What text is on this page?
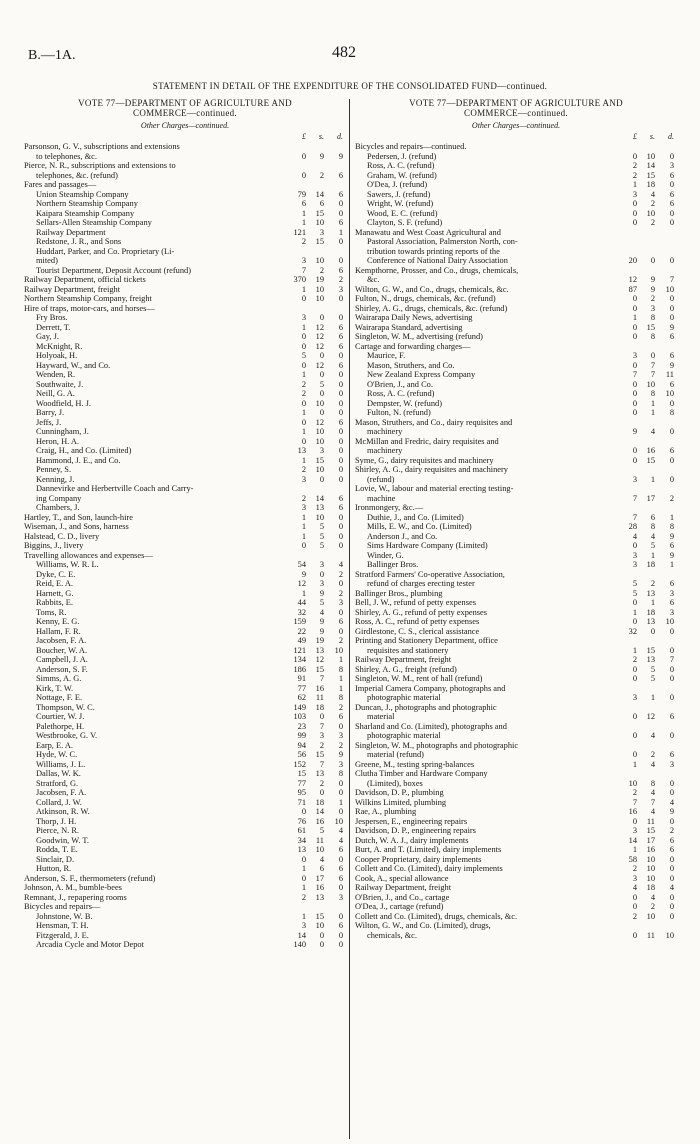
B.—1A.	482
STATEMENT IN DETAIL OF THE EXPENDITURE OF THE CONSOLIDATED FUND—continued.
VOTE 77—DEPARTMENT OF AGRICULTURE AND
COMMERCE—continued.
Other Charges—continued.
£	s.	d.
Parsonson, G. V., subscriptions and extensions
to telephones, &c.	0	9	9
Pierce, N. R., subscriptions and extensions to
telephones, &c. (refund)	0	2	6
Fares and passages—
Union Steamship Company	79	14	6
Northern Steamship Company	6	6	0
Kaipara Steamship Company	1	15	0
Sellars-Allen Steamship Company	1	10	6
Railway Department	121	3	1
Redstone, J. R., and Sons	2	15	0
Huddart, Parker, and Co. Proprietary (Li-
mited)	3	10	0
Tourist Department, Deposit Account (refund)	7	2	6
Railway Department, official tickets	370	19	2
Railway Department, freight	1	10	3
Northern Steamship Company, freight	0	10	0
Hire of traps, motor-cars, and horses—
Fry Bros.	3	0	0
Derrett, T.	1	12	6
Gay, J.	0	12	6
McKnight, R.	0	12	6
Holyoak, H.	5	0	0
Hayward, W., and Co.	0	12	6
Wenden, R.	1	0	0
Southwaite, J.	2	5	0
Neill, G. A.	2	0	0
Woodfield, H. J.	0	10	0
Barry, J.	1	0	0
Jeffs, J.	0	12	6
Cunningham, J.	1	10	0
Heron, H. A.	0	10	0
Craig, H., and Co. (Limited)	13	3	0
Hammond, J. E., and Co.	1	15	0
Penney, S.	2	10	0
Kenning, J.	3	0	0
Dannevirke and Herbertville Coach and Carry-
ing Company	2	14	6
Chambers, J.	3	13	6
Hartley, T., and Son, launch-hire	1	10	0
Wiseman, J., and Sons, harness	1	5	0
Halstead, C. D., livery	1	5	0
Biggins, J., livery	0	5	0
Travelling allowances and expenses—
Williams, W. R. L.	54	3	4
Dyke, C. E.	9	0	2
Reid, E. A.	12	3	0
Harnett, G.	1	9	2
Rabbits, E.	44	5	3
Toms, R.	32	4	0
Kenny, E. G.	159	9	6
Hallam, F. R.	22	9	0
Jacobsen, F. A.	49	19	2
Boucher, W. A.	121	13	10
Campbell, J. A.	134	12	1
Anderson, S. F.	186	15	8
Simms, A. G.	91	7	1
Kirk, T. W.	77	16	1
Nottage, F. E.	62	11	8
Thompson, W. C.	149	18	2
Courtier, W. J.	103	0	6
Palethorpe, H.	23	7	0
Westbrooke, G. V.	99	3	3
Earp, E. A.	94	2	2
Hyde, W. C.	56	15	9
Williams, J. L.	152	7	3
Dallas, W. K.	15	13	8
Stratford, G.	77	2	0
Jacobsen, F. A.	95	0	0
Collard, J. W.	71	18	1
Atkinson, R. W.	0	14	0
Thorp, J. H.	76	16	10
Pierce, N. R.	61	5	4
Goodwin, W. T.	34	11	4
Rodda, T. E.	13	10	6
Sinclair, D.	0	4	0
Hutton, R.	1	6	6
Anderson, S. F., thermometers (refund)	0	17	6
Johnson, A. M., bumble-bees	1	16	0
Remnant, J., repapering rooms	2	13	3
Bicycles and repairs—
Johnstone, W. B.	1	15	0
Hensman, T. H.	3	10	6
Fitzgerald, J. E.	14	0	0
Arcadia Cycle and Motor Depot	140	0	0
VOTE 77—DEPARTMENT OF AGRICULTURE AND
COMMERCE—continued.
Other Charges—continued.
£	s.	d.
Bicycles and repairs—continued.
Pedersen, J. (refund)	0	10	0
Ross, A. C. (refund)	2	14	3
Graham, W. (refund)	2	15	6
O'Dea, J. (refund)	1	18	0
Sawers, J. (refund)	3	4	6
Wright, W. (refund)	0	2	6
Wood, E. C. (refund)	0	10	0
Clayton, S. F. (refund)	0	2	0
Manawatu and West Coast Agricultural and
Pastoral Association, Palmerston North, con-
tribution towards printing reports of the
Conference of National Dairy Association	20	0	0
Kempthorne, Prosser, and Co., drugs, chemicals,
&c.	12	9	7
Wilton, G. W., and Co., drugs, chemicals, &c.	87	9	10
Fulton, N., drugs, chemicals, &c. (refund)	0	2	0
Shirley, A. G., drugs, chemicals, &c. (refund)	0	3	0
Wairarapa Daily News, advertising	1	8	0
Wairarapa Standard, advertising	0	15	9
Singleton, W. M., advertising (refund)	0	8	6
Cartage and forwarding charges—
Maurice, F.	3	0	6
Mason, Struthers, and Co.	0	7	9
New Zealand Express Company	7	7	11
O'Brien, J., and Co.	0	10	6
Ross, A. C. (refund)	0	8	10
Dempster, W. (refund)	0	1	0
Fulton, N. (refund)	0	1	8
Mason, Struthers, and Co., dairy requisites and
machinery	9	4	0
McMillan and Fredric, dairy requisites and
machinery	0	16	6
Syme, G., dairy requisites and machinery	0	15	0
Shirley, A. G., dairy requisites and machinery
(refund)	3	1	0
Lovie, W., labour and material erecting testing-
machine	7	17	2
Ironmongery, &c.—
Duthie, J., and Co. (Limited)	7	6	1
Mills, E. W., and Co. (Limited)	28	8	8
Anderson J., and Co.	4	4	9
Sims Hardware Company (Limited)	0	5	6
Winder, G.	3	1	9
Ballinger Bros.	3	18	1
Stratford Farmers' Co-operative Association,
refund of charges erecting tester	5	2	6
Ballinger Bros., plumbing	5	13	3
Bell, J. W., refund of petty expenses	0	1	6
Shirley, A. G., refund of petty expenses	1	18	3
Ross, A. C., refund of petty expenses	0	13	10
Girdlestone, C. S., clerical assistance	32	0	0
Printing and Stationery Department, office
requisites and stationery	1	15	0
Railway Department, freight	2	13	7
Shirley, A. G., freight (refund)	0	5	0
Singleton, W. M., rent of hall (refund)	0	5	0
Imperial Camera Company, photographs and
photographic material	3	1	0
Duncan, J., photographs and photographic
material	0	12	6
Sharland and Co. (Limited), photographs and
photographic material	0	4	0
Singleton, W. M., photographs and photographic
material (refund)	0	2	6
Greene, M., testing spring-balances	1	4	3
Clutha Timber and Hardware Company
(Limited), boxes	10	8	0
Davidson, D. P., plumbing	2	4	0
Wilkins Limited, plumbing	7	7	4
Rae, A., plumbing	16	4	9
Jespersen, E., engineering repairs	0	11	0
Davidson, D. P., engineering repairs	3	15	2
Dutch, W. A. J., dairy implements	14	17	6
Burt, A. and T. (Limited), dairy implements	1	16	6
Cooper Proprietary, dairy implements	58	10	0
Collett and Co. (Limited), dairy implements	2	10	0
Cook, A., special allowance	3	10	0
Railway Department, freight	4	18	4
O'Brien, J., and Co., cartage	0	4	0
O'Dea, J., cartage (refund)	0	2	0
Collett and Co. (Limited), drugs, chemicals, &c.	2	10	0
Wilton, G. W., and Co. (Limited), drugs,
chemicals, &c.	0	11	10
